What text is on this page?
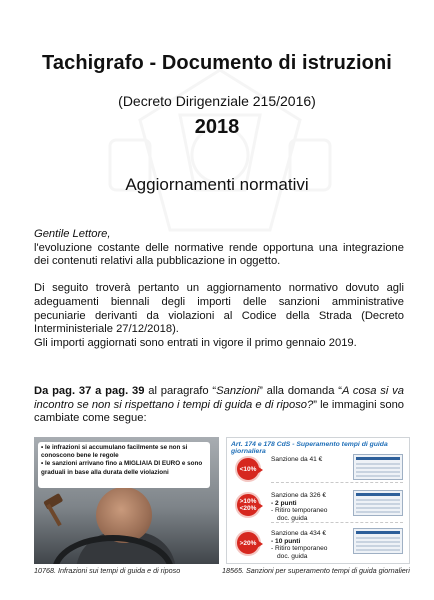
Tachigrafo - Documento di istruzioni
(Decreto Dirigenziale 215/2016)
2018
Aggiornamenti normativi

Gentile Lettore,
l'evoluzione costante delle normative rende opportuna una integrazione dei contenuti relativi alla pubblicazione in oggetto.

Di seguito troverà pertanto un aggiornamento normativo dovuto agli adeguamenti biennali degli importi delle sanzioni amministrative pecuniarie derivanti da violazioni al Codice della Strada (Decreto Interministeriale 27/12/2018).
Gli importi aggiornati sono entrati in vigore il primo gennaio 2019.

Da pag. 37 a pag. 39 al paragrafo “Sanzioni” alla domanda “A cosa si va incontro se non si rispettano i tempi di guida e di riposo?” le immagini sono cambiate come segue:
• le infrazioni si accumulano facilmente se non si conoscono bene le regole
• le sanzioni arrivano fino a MIGLIAIA DI EURO e sono graduali in base alla durata delle violazioni
10768. Infrazioni sui tempi di guida e di riposo
Art. 174 e 178 CdS - Superamento tempi di guida giornaliera
<10%
Sanzione da 41 €
>10% <20%
Sanzione da 326 €
- 2 punti
- Ritiro temporaneo
doc. guida
>20%
Sanzione da 434 €
- 10 punti
- Ritiro temporaneo
doc. guida
18565. Sanzioni per superamento tempi di guida giornalieri
